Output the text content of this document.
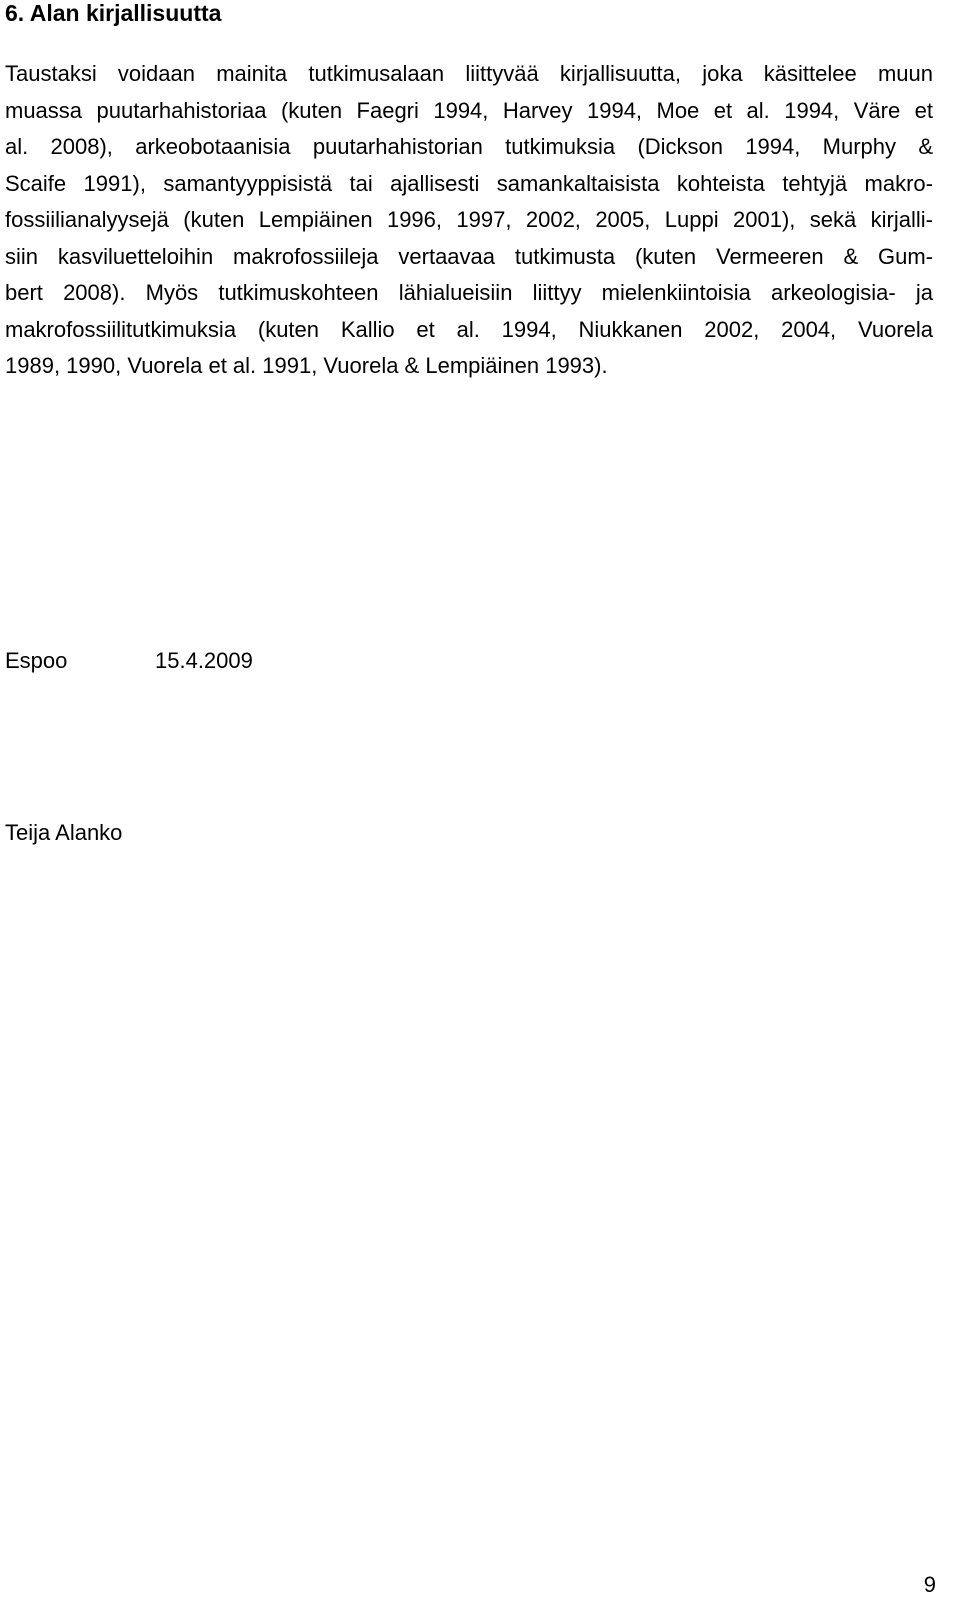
6. Alan kirjallisuutta
Taustaksi voidaan mainita tutkimusalaan liittyvää kirjallisuutta, joka käsittelee muun
muassa puutarhahistoriaa (kuten Faegri 1994, Harvey 1994, Moe et al. 1994, Väre et
al. 2008), arkeobotaanisia puutarhahistorian tutkimuksia (Dickson 1994, Murphy &
Scaife 1991), samantyyppisistä tai ajallisesti samankaltaisista kohteista tehtyjä makro-
fossiilianalyysejä (kuten Lempiäinen 1996, 1997, 2002, 2005, Luppi 2001), sekä kirjalli-
siin kasviluetteloihin makrofossiileja vertaavaa tutkimusta (kuten Vermeeren & Gum-
bert 2008). Myös tutkimuskohteen lähialueisiin liittyy mielenkiintoisia arkeologisia- ja
makrofossiilitutkimuksia (kuten Kallio et al. 1994, Niukkanen 2002, 2004, Vuorela
1989, 1990, Vuorela et al. 1991, Vuorela & Lempiäinen 1993).
Espoo	15.4.2009
Teija Alanko
9
